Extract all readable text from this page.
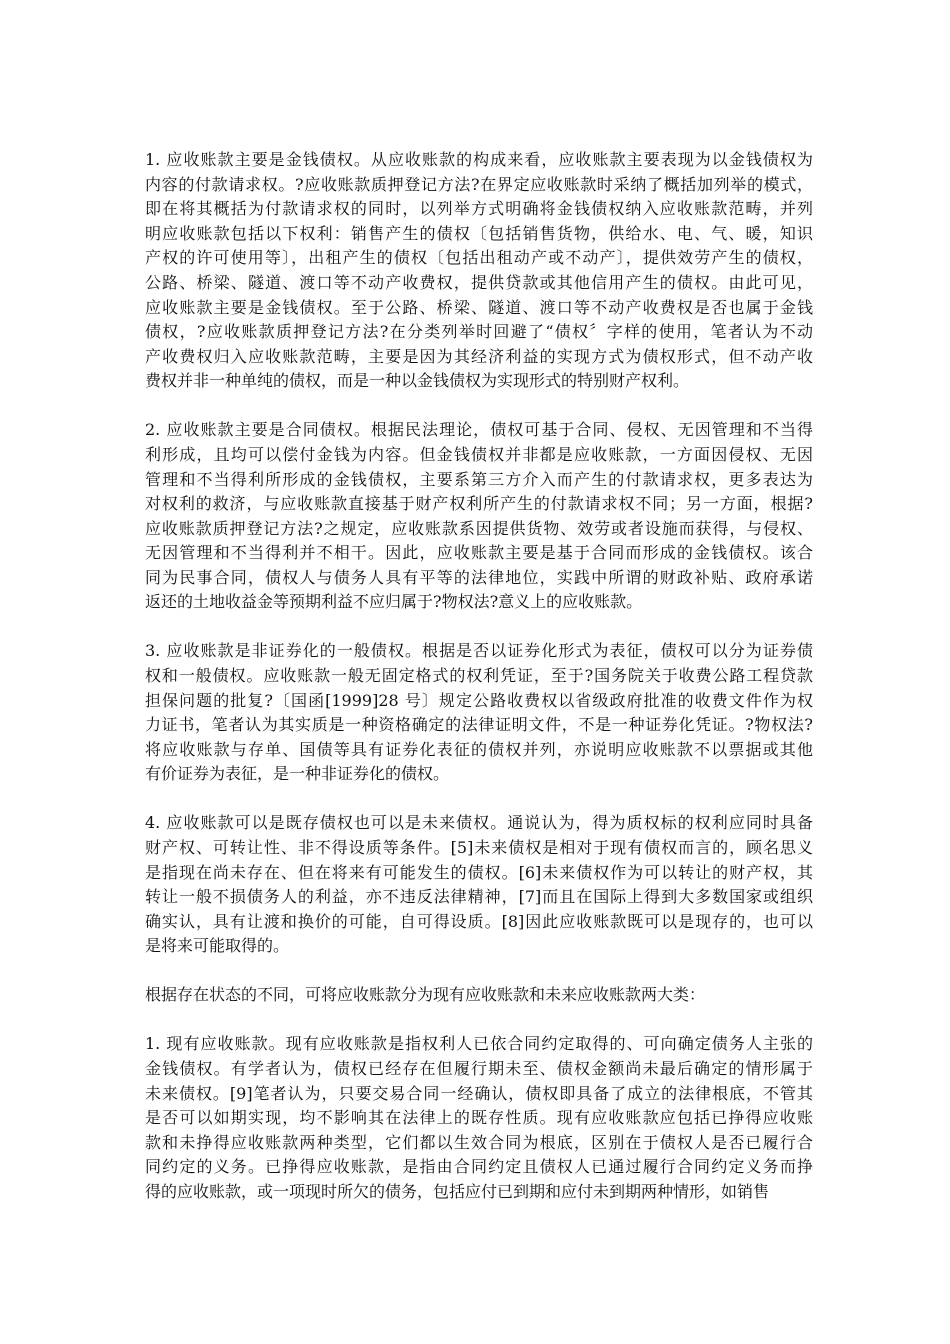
1. 应收账款主要是金钱债权。从应收账款的构成来看，应收账款主要表现为以金钱债权为
内容的付款请求权。?应收账款质押登记方法?在界定应收账款时采纳了概括加列举的模式，
即在将其概括为付款请求权的同时，以列举方式明确将金钱债权纳入应收账款范畴，并列
明应收账款包括以下权利：销售产生的债权〔包括销售货物，供给水、电、气、暖，知识
产权的许可使用等〕，出租产生的债权〔包括出租动产或不动产〕，提供效劳产生的债权，
公路、桥梁、隧道、渡口等不动产收费权，提供贷款或其他信用产生的债权。由此可见，
应收账款主要是金钱债权。至于公路、桥梁、隧道、渡口等不动产收费权是否也属于金钱
债权，?应收账款质押登记方法?在分类列举时回避了“债权〞字样的使用，笔者认为不动
产收费权归入应收账款范畴，主要是因为其经济利益的实现方式为债权形式，但不动产收
费权并非一种单纯的债权，而是一种以金钱债权为实现形式的特别财产权利。
2. 应收账款主要是合同债权。根据民法理论，债权可基于合同、侵权、无因管理和不当得
利形成，且均可以偿付金钱为内容。但金钱债权并非都是应收账款，一方面因侵权、无因
管理和不当得利所形成的金钱债权，主要系第三方介入而产生的付款请求权，更多表达为
对权利的救济，与应收账款直接基于财产权利所产生的付款请求权不同；另一方面，根据?
应收账款质押登记方法?之规定，应收账款系因提供货物、效劳或者设施而获得，与侵权、
无因管理和不当得利并不相干。因此，应收账款主要是基于合同而形成的金钱债权。该合
同为民事合同，债权人与债务人具有平等的法律地位，实践中所谓的财政补贴、政府承诺
返还的土地收益金等预期利益不应归属于?物权法?意义上的应收账款。
3. 应收账款是非证券化的一般债权。根据是否以证券化形式为表征，债权可以分为证券债
权和一般债权。应收账款一般无固定格式的权利凭证，至于?国务院关于收费公路工程贷款
担保问题的批复?〔国函[1999]28 号〕规定公路收费权以省级政府批准的收费文件作为权
力证书，笔者认为其实质是一种资格确定的法律证明文件，不是一种证券化凭证。?物权法?
将应收账款与存单、国债等具有证券化表征的债权并列，亦说明应收账款不以票据或其他
有价证券为表征，是一种非证券化的债权。
4. 应收账款可以是既存债权也可以是未来债权。通说认为，得为质权标的权利应同时具备
财产权、可转让性、非不得设质等条件。[5]未来债权是相对于现有债权而言的，顾名思义
是指现在尚未存在、但在将来有可能发生的债权。[6]未来债权作为可以转让的财产权，其
转让一般不损债务人的利益，亦不违反法律精神，[7]而且在国际上得到大多数国家或组织
确实认，具有让渡和换价的可能，自可得设质。[8]因此应收账款既可以是现存的，也可以
是将来可能取得的。
根据存在状态的不同，可将应收账款分为现有应收账款和未来应收账款两大类：
1. 现有应收账款。现有应收账款是指权利人已依合同约定取得的、可向确定债务人主张的
金钱债权。有学者认为，债权已经存在但履行期未至、债权金额尚未最后确定的情形属于
未来债权。[9]笔者认为，只要交易合同一经确认，债权即具备了成立的法律根底，不管其
是否可以如期实现，均不影响其在法律上的既存性质。现有应收账款应包括已挣得应收账
款和未挣得应收账款两种类型，它们都以生效合同为根底，区别在于债权人是否已履行合
同约定的义务。已挣得应收账款，是指由合同约定且债权人已通过履行合同约定义务而挣
得的应收账款，或一项现时所欠的债务，包括应付已到期和应付未到期两种情形，如销售
